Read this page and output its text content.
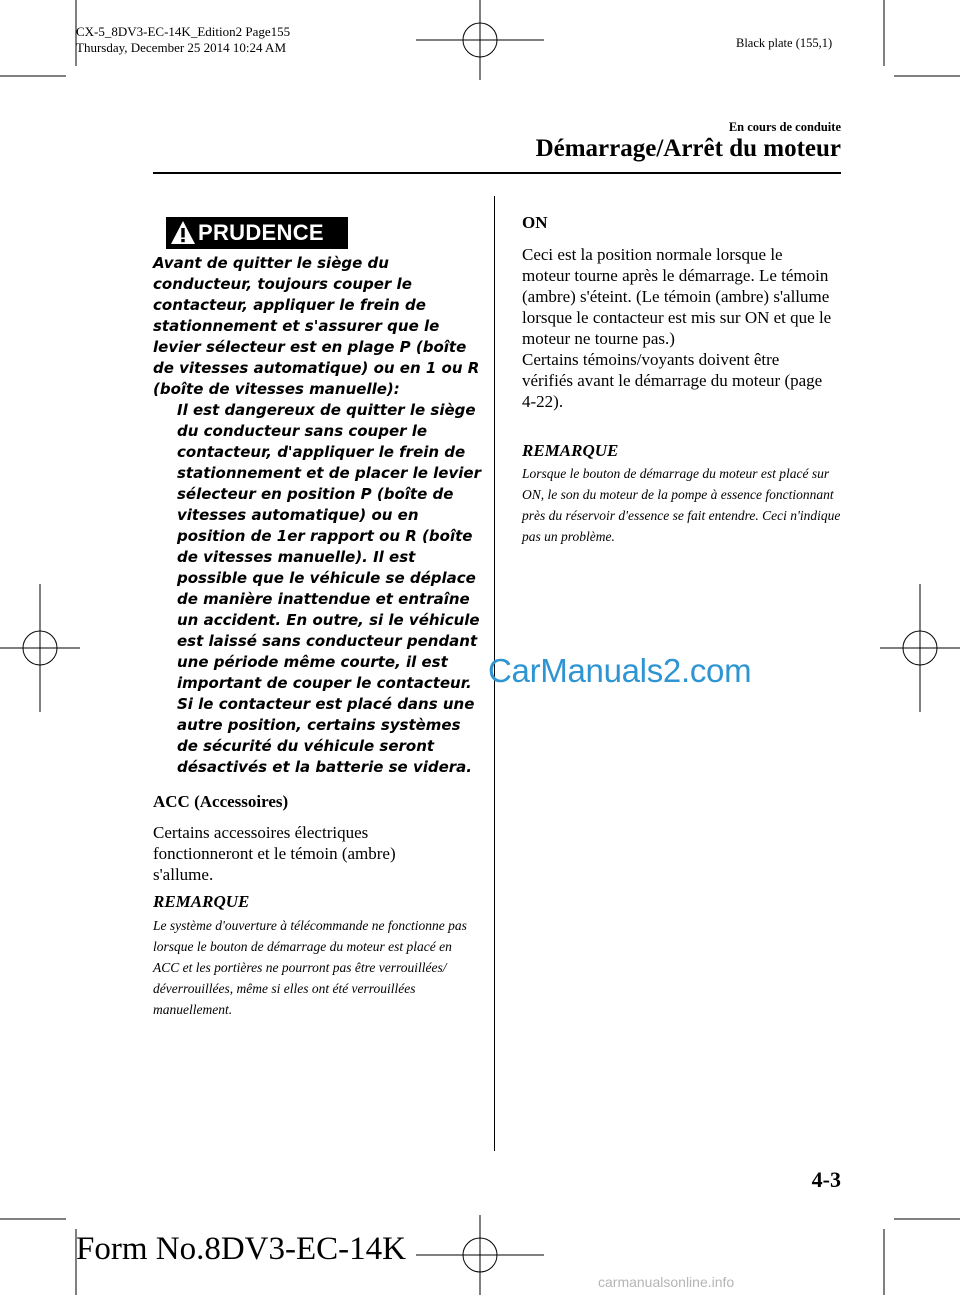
CX-5_8DV3-EC-14K_Edition2 Page155
Thursday, December 25 2014 10:24 AM	Black plate (155,1)
En cours de conduite
Démarrage/Arrêt du moteur
PRUDENCE
Avant de quitter le siège du conducteur, toujours couper le contacteur, appliquer le frein de stationnement et s'assurer que le levier sélecteur est en plage P (boîte de vitesses automatique) ou en 1 ou R (boîte de vitesses manuelle):
Il est dangereux de quitter le siège du conducteur sans couper le contacteur, d'appliquer le frein de stationnement et de placer le levier sélecteur en position P (boîte de vitesses automatique) ou en position de 1er rapport ou R (boîte de vitesses manuelle). Il est possible que le véhicule se déplace de manière inattendue et entraîne un accident. En outre, si le véhicule est laissé sans conducteur pendant une période même courte, il est important de couper le contacteur. Si le contacteur est placé dans une autre position, certains systèmes de sécurité du véhicule seront désactivés et la batterie se videra.
ACC (Accessoires)
Certains accessoires électriques fonctionneront et le témoin (ambre) s'allume.
REMARQUE
Le système d'ouverture à télécommande ne fonctionne pas lorsque le bouton de démarrage du moteur est placé en ACC et les portières ne pourront pas être verrouillées/ déverrouillées, même si elles ont été verrouillées manuellement.
ON
Ceci est la position normale lorsque le moteur tourne après le démarrage. Le témoin (ambre) s'éteint. (Le témoin (ambre) s'allume lorsque le contacteur est mis sur ON et que le moteur ne tourne pas.)
Certains témoins/voyants doivent être vérifiés avant le démarrage du moteur (page 4-22).
REMARQUE
Lorsque le bouton de démarrage du moteur est placé sur ON, le son du moteur de la pompe à essence fonctionnant près du réservoir d'essence se fait entendre. Ceci n'indique pas un problème.
CarManuals2.com
4-3
Form No.8DV3-EC-14K
carmanualsonline.info
